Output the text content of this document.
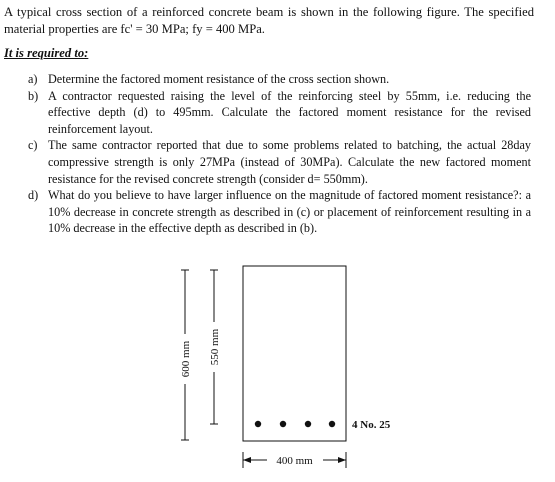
A typical cross section of a reinforced concrete beam is shown in the following figure. The specified material properties are fc' = 30 MPa; fy = 400 MPa.
It is required to:
a) Determine the factored moment resistance of the cross section shown.
b) A contractor requested raising the level of the reinforcing steel by 55mm, i.e. reducing the effective depth (d) to 495mm. Calculate the factored moment resistance for the revised reinforcement layout.
c) The same contractor reported that due to some problems related to batching, the actual 28day compressive strength is only 27MPa (instead of 30MPa). Calculate the new factored moment resistance for the revised concrete strength (consider d= 550mm).
d) What do you believe to have larger influence on the magnitude of factored moment resistance?: a 10% decrease in concrete strength as described in (c) or placement of reinforcement resulting in a 10% decrease in the effective depth as described in (b).
600 mm 550 mm
4 No. 25
400 mm
